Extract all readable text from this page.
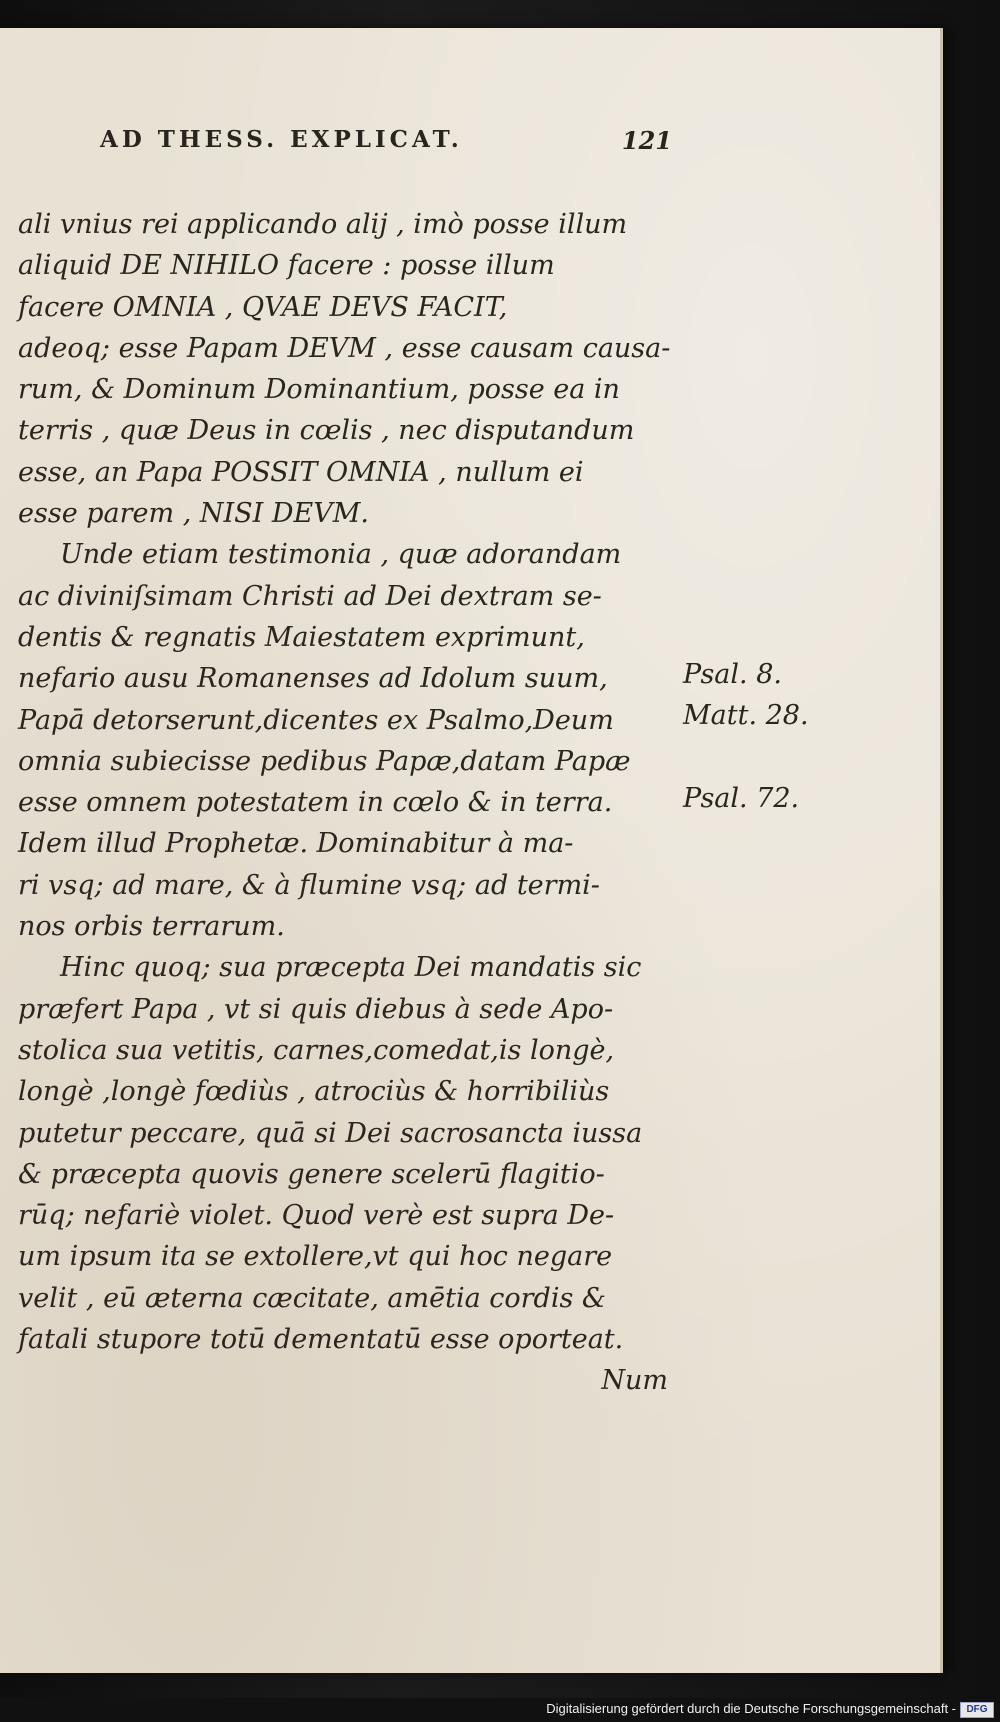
AD THESS. EXPLICAT.	121
ali vnius rei applicando alij , imò posse illum
aliquid DE NIHILO facere : posse illum
facere OMNIA , QVAE DEVS FACIT,
adeoq; esse Papam DEVM , esse causam causa-
rum, & Dominum Dominantium, posse ea in
terris , quæ Deus in cœlis , nec disputandum
esse, an Papa POSSIT OMNIA , nullum ei
esse parem , NISI DEVM.
Unde etiam testimonia , quæ adorandam
ac diviniſsimam Christi ad Dei dextram se-
dentis & regnatis Maiestatem exprimunt,
nefario ausu Romanenses ad Idolum suum,
Papā detorserunt,dicentes ex Psalmo,Deum
omnia subiecisse pedibus Papæ,datam Papæ
esse omnem potestatem in cœlo & in terra.
Idem illud Prophetæ. Dominabitur à ma-
ri vsq; ad mare, & à flumine vsq; ad termi-
nos orbis terrarum.
Hinc quoq; sua præcepta Dei mandatis sic
præfert Papa , vt si quis diebus à sede Apo-
stolica sua vetitis, carnes,comedat,is longè,
longè ,longè fœdiùs , atrociùs & horribiliùs
putetur peccare, quā si Dei sacrosancta iussa
& præcepta quovis genere scelerū flagitio-
rūq; nefariè violet. Quod verè est supra De-
um ipsum ita se extollere,vt qui hoc negare
velit , eū æterna cæcitate, amētia cordis &
fatali stupore totū dementatū esse oporteat.
Num
Psal. 8.
Matt. 28.
Psal. 72.
Digitalisierung gefördert durch die Deutsche Forschungsgemeinschaft -	DFG
